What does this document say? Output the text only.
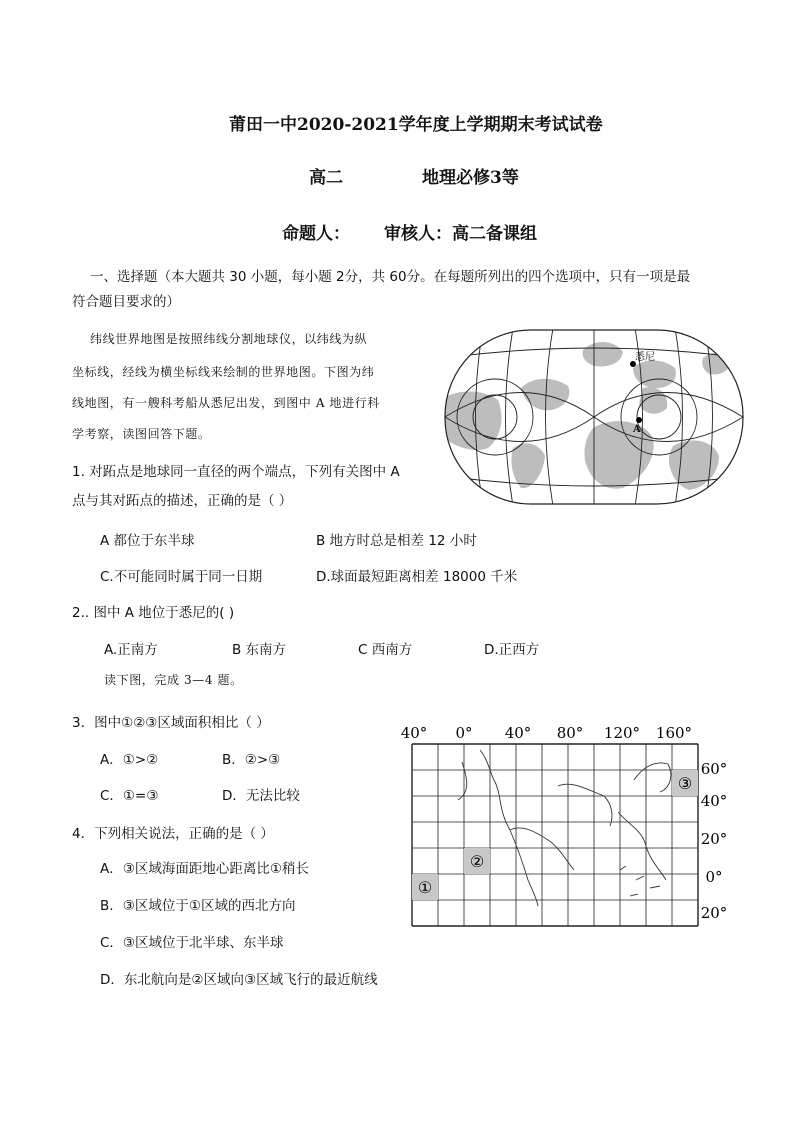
莆田一中2020-2021学年度上学期期末考试试卷
高二	地理必修3等
命题人： 审核人：高二备课组
一、选择题（本大题共 30 小题，每小题 2分，共 60分。在每题所列出的四个选项中，只有一项是最
符合题目要求的）
纬线世界地图是按照纬线分割地球仪，以纬线为纵
坐标线，经线为横坐标线来绘制的世界地图。下图为纬
线地图，有一艘科考船从悉尼出发，到图中 A 地进行科
学考察，读图回答下题。
1. 对跖点是地球同一直径的两个端点，下列有关图中 A
点与其对跖点的描述，正确的是（ ）
A 都位于东半球	B 地方时总是相差 12 小时
C.不可能同时属于同一日期	D.球面最短距离相差 18000 千米
2.. 图中 A 地位于悉尼的( )
A.正南方	B 东南方	C 西南方	D.正西方
读下图，完成 3—4 题。
3．图中①②③区域面积相比（ ）
A．①>②	B．②>③
C．①=③	D．无法比较
4．下列相关说法，正确的是（ ）
A．③区域海面距地心距离比①稍长
B．③区域位于①区域的西北方向
C．③区域位于北半球、东半球
D．东北航向是②区域向③区域飞行的最近航线
悉尼
A
①
②
③
40° 0° 40° 80° 120° 160°
60°
40°
20°
0°
20°
